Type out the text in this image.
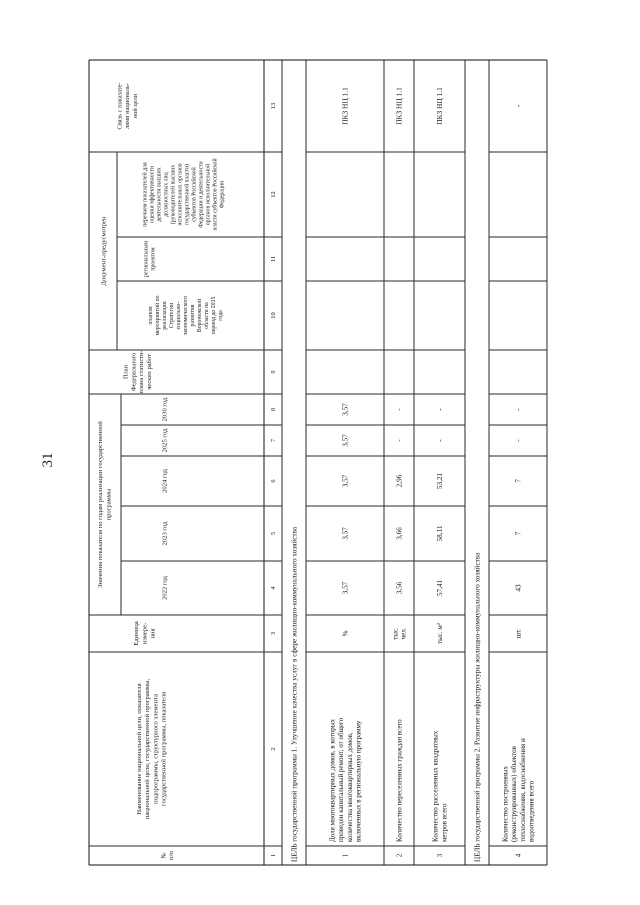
31
№п/п
Наименование национальной цели, показателянациональной цели, государственной программы,подпрограммы, структурного элементагосударственной программы, показателя
Единицаизмере-ния
Значения показателя по годам реализации государственнойпрограммы
2022 год
2023 год
2024 год
2025 год
2030 год
ПланФедеральногоплана статисти-ческих работ
Документ-предусмотрен
планоммероприятий пореализацииСтратегиисоциально-экономическогоразвитияВоронежскойобласти напериод до 2035года
региональнымпроектом
перечнем показателей дляоценки эффективностидеятельности высшихдолжностных лиц(руководителей высшихисполнительных органовгосударственной власти)субъектов РоссийскойФедерации и деятельностиорганов исполнительнойвласти субъектов РоссийскойФедерации
Связь с показате-лями националь-ной цели
1
2
3
4
5
6
7
8
9
10
11
12
13
ЦЕЛЬ государственной программы 1. Улучшение качества услуг в сфере жилищно-коммунального хозяйства	ЦЕЛЬ государственной программы 2. Развитие инфраструктуры жилищно-коммунального хозяйства
1
Доля многоквартирных домов, в которыхпроведен капитальный ремонт, от общегоколичества многоквартирных домов,включенных в региональную программу
%
3,57
3,57
3,57
3,57
3,57
ПКЗ НЦ 1.1
2
Количество переселенных граждан всего
тыс.чел.
3,56
3,66
2,96
-
-
ПКЗ НЦ 1.1
3
Количество расселенных квадратныхметров всего
тыс. м²
57,41
58,11
53,21
-
-
ПКЗ НЦ 1.1
4
Количество построенных(реконструированных) объектовтеплоснабжения, водоснабжения иводоотведения всего
шт.
43
7
7
-
-
-
